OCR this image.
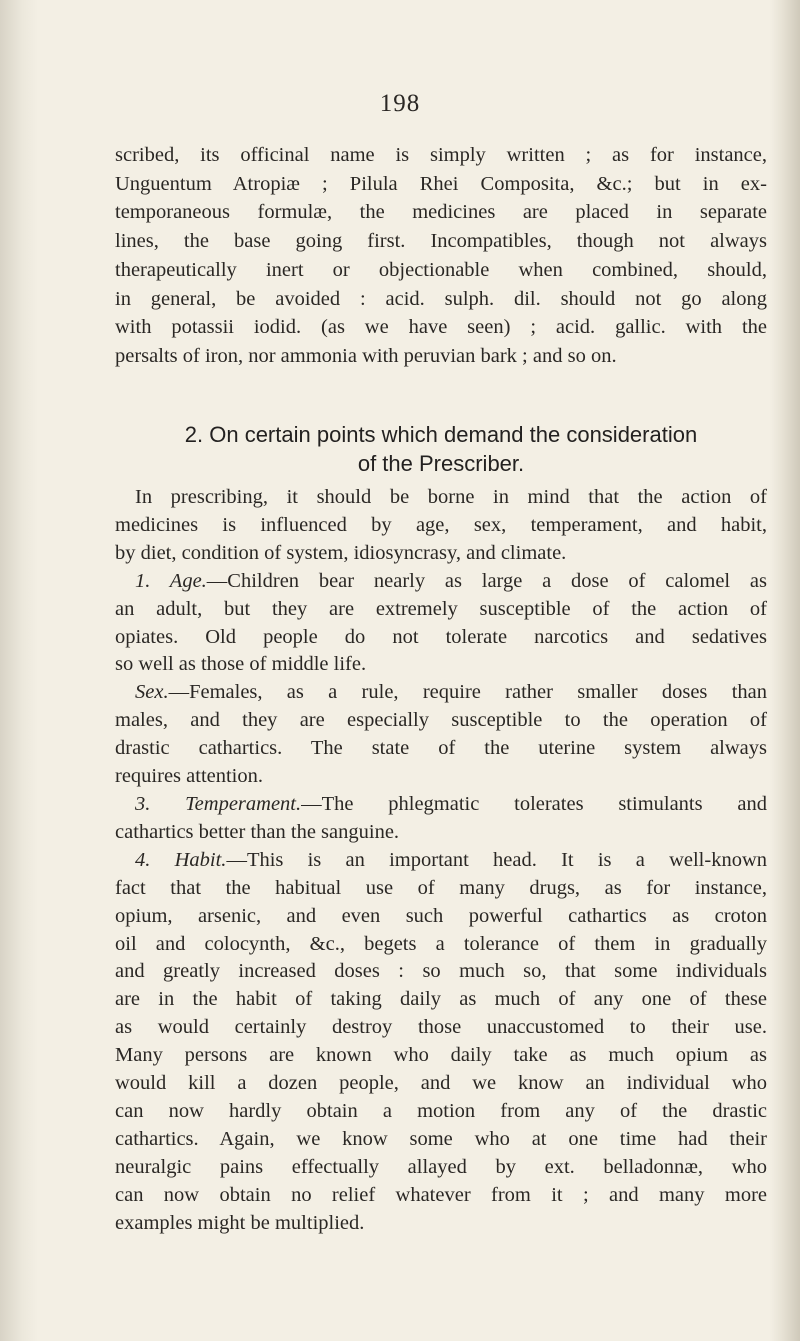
198
scribed, its officinal name is simply written ; as for instance,
Unguentum Atropiæ ; Pilula Rhei Composita, &c.; but in ex-
temporaneous formulæ, the medicines are placed in separate
lines, the base going first. Incompatibles, though not always
therapeutically inert or objectionable when combined, should,
in general, be avoided : acid. sulph. dil. should not go along
with potassii iodid. (as we have seen) ; acid. gallic. with the
persalts of iron, nor ammonia with peruvian bark ; and so on.
2. On certain points which demand the consideration
of the Prescriber.
In prescribing, it should be borne in mind that the action of
medicines is influenced by age, sex, temperament, and habit,
by diet, condition of system, idiosyncrasy, and climate.
1. Age.—Children bear nearly as large a dose of calomel as
an adult, but they are extremely susceptible of the action of
opiates. Old people do not tolerate narcotics and sedatives
so well as those of middle life.
Sex.—Females, as a rule, require rather smaller doses than
males, and they are especially susceptible to the operation of
drastic cathartics. The state of the uterine system always
requires attention.
3. Temperament.—The phlegmatic tolerates stimulants and
cathartics better than the sanguine.
4. Habit.—This is an important head. It is a well-known
fact that the habitual use of many drugs, as for instance,
opium, arsenic, and even such powerful cathartics as croton
oil and colocynth, &c., begets a tolerance of them in gradually
and greatly increased doses : so much so, that some individuals
are in the habit of taking daily as much of any one of these
as would certainly destroy those unaccustomed to their use.
Many persons are known who daily take as much opium as
would kill a dozen people, and we know an individual who
can now hardly obtain a motion from any of the drastic
cathartics. Again, we know some who at one time had their
neuralgic pains effectually allayed by ext. belladonnæ, who
can now obtain no relief whatever from it ; and many more
examples might be multiplied.
